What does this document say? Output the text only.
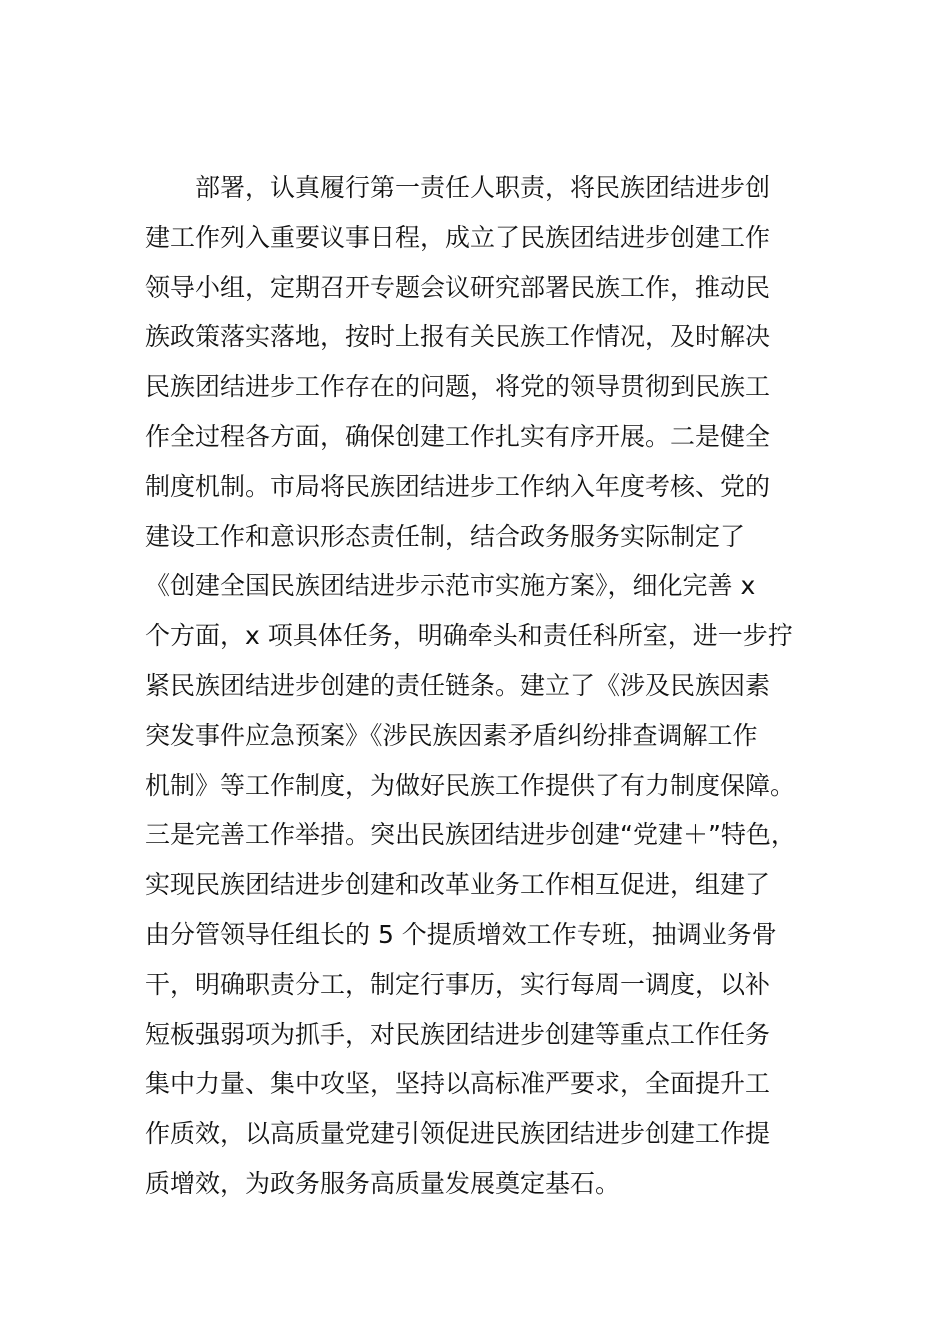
部署，认真履行第一责任人职责，将民族团结进步创
建工作列入重要议事日程，成立了民族团结进步创建工作
领导小组，定期召开专题会议研究部署民族工作，推动民
族政策落实落地，按时上报有关民族工作情况，及时解决
民族团结进步工作存在的问题，将党的领导贯彻到民族工
作全过程各方面，确保创建工作扎实有序开展。二是健全
制度机制。市局将民族团结进步工作纳入年度考核、党的
建设工作和意识形态责任制，结合政务服务实际制定了
《创建全国民族团结进步示范市实施方案》，细化完善 x
个方面，x 项具体任务，明确牵头和责任科所室，进一步拧
紧民族团结进步创建的责任链条。建立了《涉及民族因素
突发事件应急预案》《涉民族因素矛盾纠纷排查调解工作
机制》等工作制度，为做好民族工作提供了有力制度保障。
三是完善工作举措。突出民族团结进步创建“党建＋”特色，
实现民族团结进步创建和改革业务工作相互促进，组建了
由分管领导任组长的 5 个提质增效工作专班，抽调业务骨
干，明确职责分工，制定行事历，实行每周一调度，以补
短板强弱项为抓手，对民族团结进步创建等重点工作任务
集中力量、集中攻坚，坚持以高标准严要求，全面提升工
作质效，以高质量党建引领促进民族团结进步创建工作提
质增效，为政务服务高质量发展奠定基石。
